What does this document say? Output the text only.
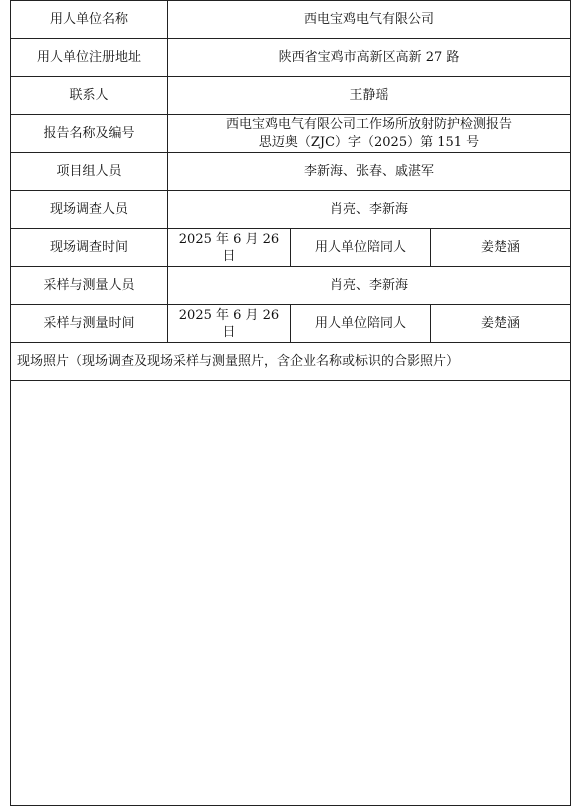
用人单位名称	西电宝鸡电气有限公司		
用人单位注册地址	陕西省宝鸡市高新区高新 27 路		
联系人	王静瑶		
报告名称及编号	西电宝鸡电气有限公司工作场所放射防护检测报告
思迈奥（ZJC）字（2025）第 151 号		

项目组人员	李新海、张春、戚湛军		
现场调查人员	肖亮、李新海		
现场调查时间	2025 年 6 月 26 日	用人单位陪同人	姜楚涵
采样与测量人员	肖亮、李新海		
采样与测量时间	2025 年 6 月 26 日	用人单位陪同人	姜楚涵
现场照片（现场调查及现场采样与测量照片，含企业名称或标识的合影照片）			
